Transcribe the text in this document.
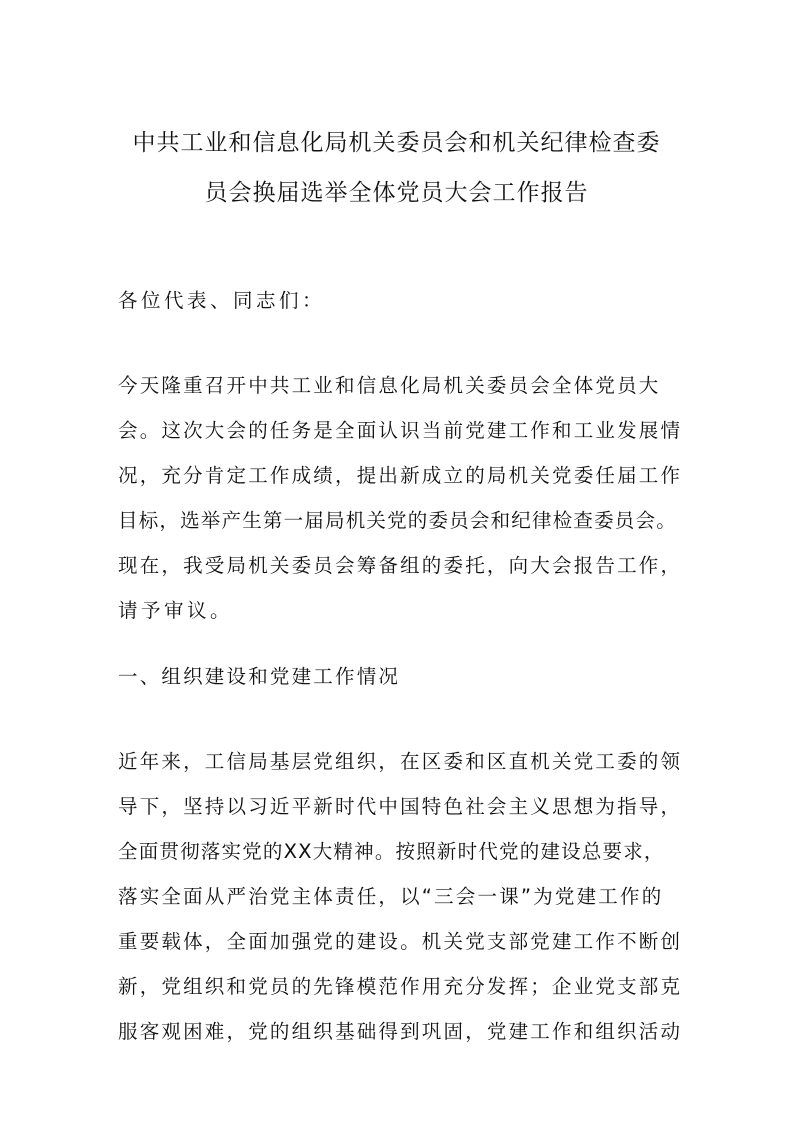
中共工业和信息化局机关委员会和机关纪律检查委
员会换届选举全体党员大会工作报告
各位代表、同志们：
今天隆重召开中共工业和信息化局机关委员会全体党员大
会。这次大会的任务是全面认识当前党建工作和工业发展情
况，充分肯定工作成绩，提出新成立的局机关党委任届工作
目标，选举产生第一届局机关党的委员会和纪律检查委员会。
现在，我受局机关委员会筹备组的委托，向大会报告工作，
请予审议。
一、组织建设和党建工作情况
近年来，工信局基层党组织，在区委和区直机关党工委的领
导下，坚持以习近平新时代中国特色社会主义思想为指导，
全面贯彻落实党的XX大精神。按照新时代党的建设总要求，
落实全面从严治党主体责任，以“三会一课”为党建工作的
重要载体，全面加强党的建设。机关党支部党建工作不断创
新，党组织和党员的先锋模范作用充分发挥；企业党支部克
服客观困难，党的组织基础得到巩固，党建工作和组织活动
